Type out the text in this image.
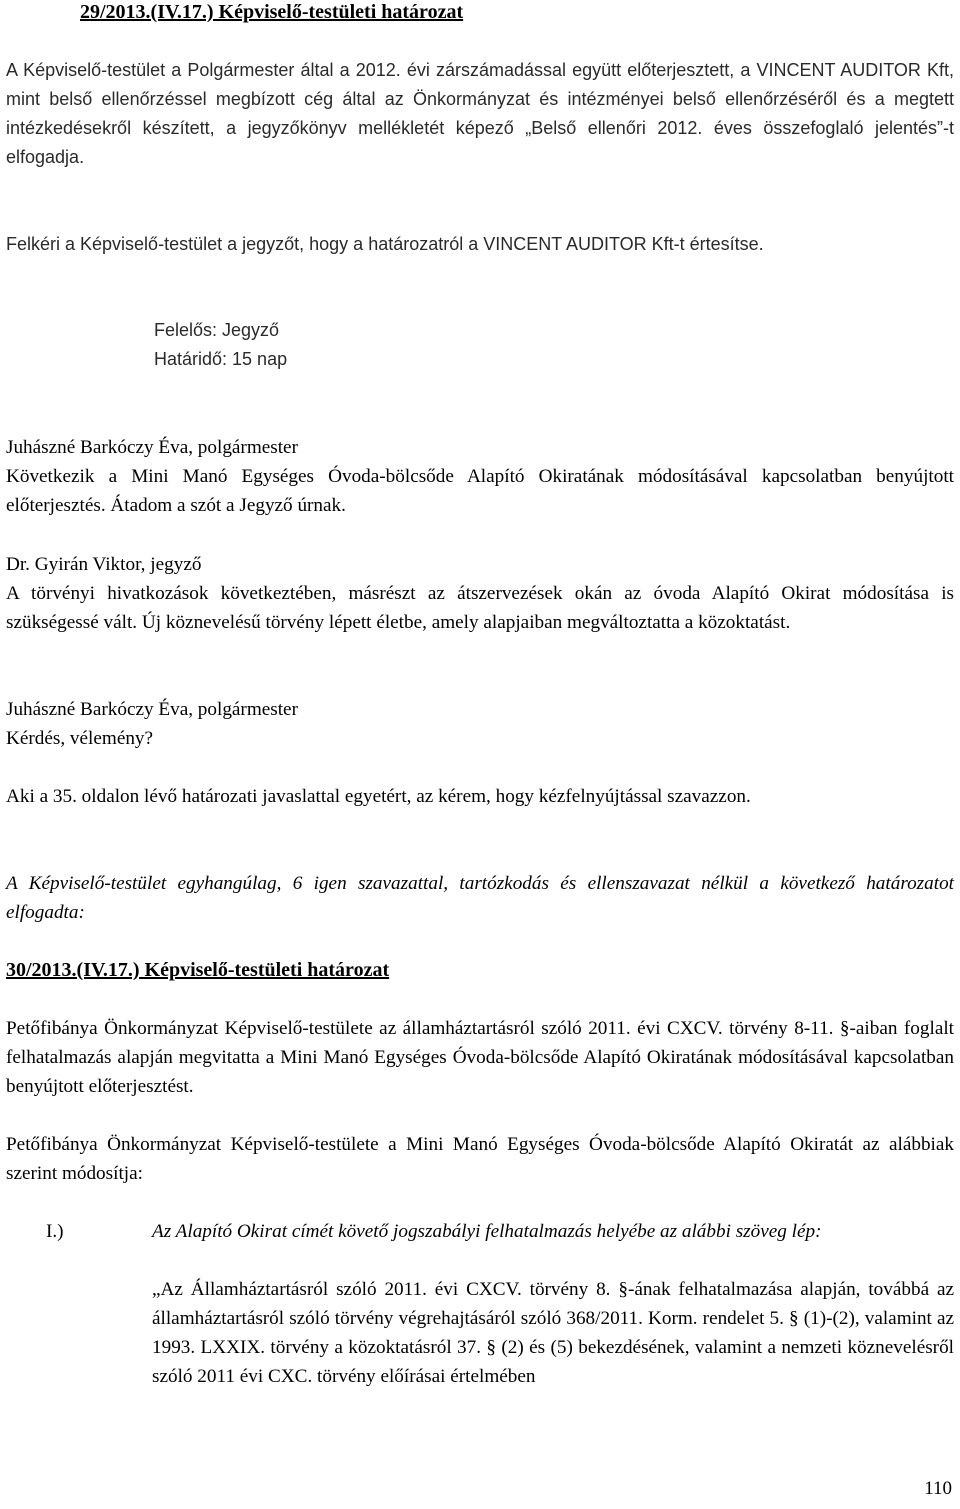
29/2013.(IV.17.) Képviselő-testületi határozat

A Képviselő-testület a Polgármester által a 2012. évi zárszámadással együtt előterjesztett, a VINCENT AUDITOR Kft, mint belső ellenőrzéssel megbízott cég által az Önkormányzat és intézményei belső ellenőrzéséről és a megtett intézkedésekről készített, a jegyzőkönyv mellékletét képező „Belső ellenőri 2012. éves összefoglaló jelentés”-t elfogadja.

Felkéri a Képviselő-testület a jegyzőt, hogy a határozatról a VINCENT AUDITOR Kft-t értesítse.

Felelős: Jegyző

Határidő: 15 nap

Juhászné Barkóczy Éva, polgármester

Következik a Mini Manó Egységes Óvoda-bölcsőde Alapító Okiratának módosításával kapcsolatban benyújtott előterjesztés. Átadom a szót a Jegyző úrnak.

Dr. Gyirán Viktor, jegyző

A törvényi hivatkozások következtében, másrészt az átszervezések okán az óvoda Alapító Okirat módosítása is szükségessé vált. Új köznevelésű törvény lépett életbe, amely alapjaiban megváltoztatta a közoktatást.

Juhászné Barkóczy Éva, polgármester

Kérdés, vélemény?

Aki a 35. oldalon lévő határozati javaslattal egyetért, az kérem, hogy kézfelnyújtással szavazzon.

A Képviselő-testület egyhangúlag, 6 igen szavazattal, tartózkodás és ellenszavazat nélkül a következő határozatot elfogadta:

30/2013.(IV.17.) Képviselő-testületi határozat

Petőfibánya Önkormányzat Képviselő-testülete az államháztartásról szóló 2011. évi CXCV. törvény 8-11. §-aiban foglalt felhatalmazás alapján megvitatta a Mini Manó Egységes Óvoda-bölcsőde Alapító Okiratának módosításával kapcsolatban benyújtott előterjesztést.

Petőfibánya Önkormányzat Képviselő-testülete a Mini Manó Egységes Óvoda-bölcsőde Alapító Okiratát az alábbiak szerint módosítja:

I.)	Az Alapító Okirat címét követő jogszabályi felhatalmazás helyébe az alábbi szöveg lép:

„Az Államháztartásról szóló 2011. évi CXCV. törvény 8. §-ának felhatalmazása alapján, továbbá az államháztartásról szóló törvény végrehajtásáról szóló 368/2011. Korm. rendelet 5. § (1)-(2), valamint az 1993. LXXIX. törvény a közoktatásról 37. § (2) és (5) bekezdésének, valamint a nemzeti köznevelésről szóló 2011 évi CXC. törvény előírásai értelmében

110
